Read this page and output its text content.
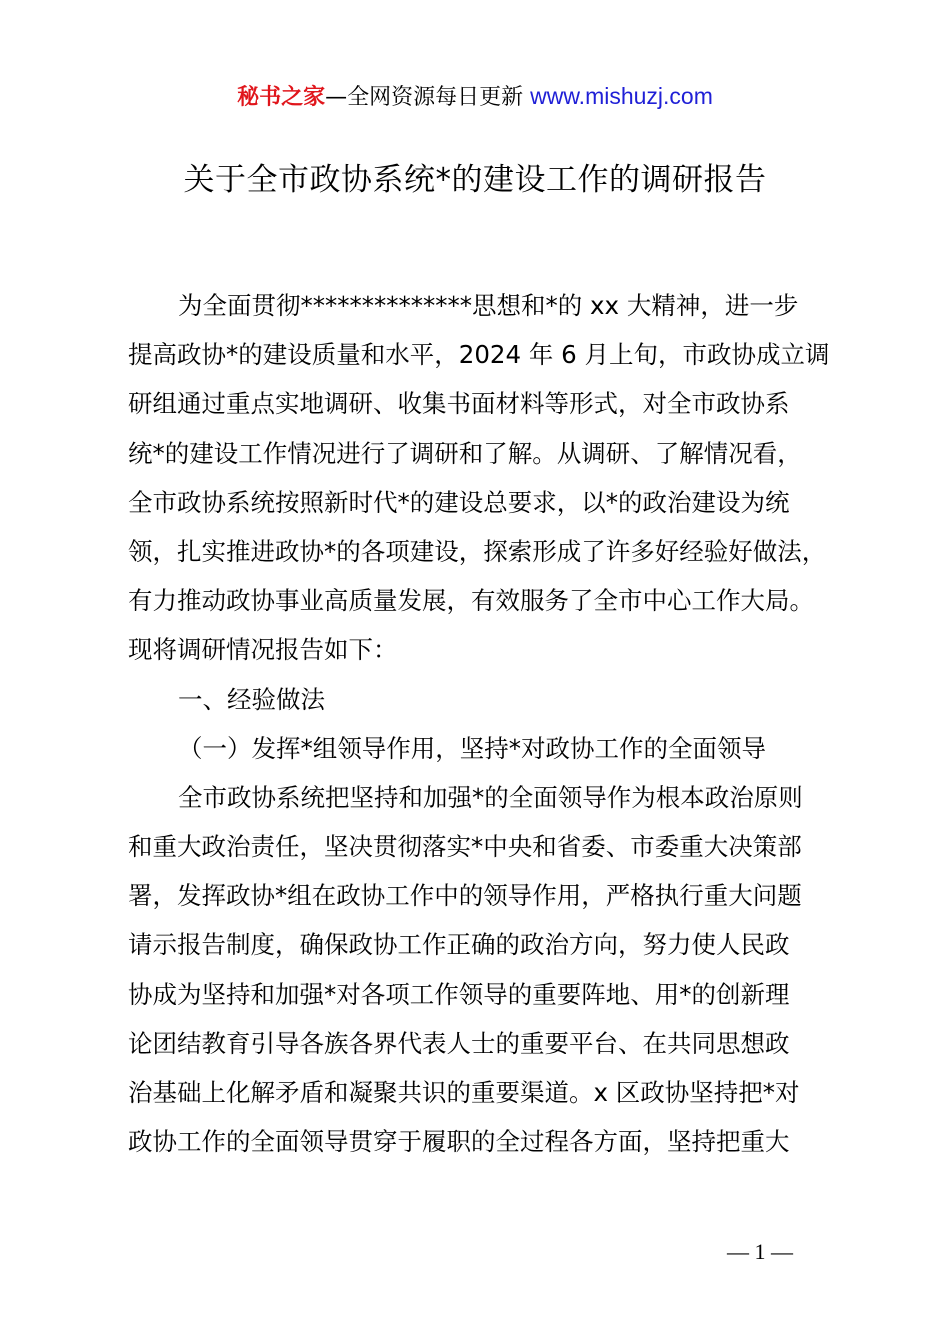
秘书之家—全网资源每日更新 www.mishuzj.com
关于全市政协系统*的建设工作的调研报告
为全面贯彻**************思想和*的 xx 大精神，进一步
提高政协*的建设质量和水平，2024 年 6 月上旬，市政协成立调
研组通过重点实地调研、收集书面材料等形式，对全市政协系
统*的建设工作情况进行了调研和了解。从调研、了解情况看，
全市政协系统按照新时代*的建设总要求，以*的政治建设为统
领，扎实推进政协*的各项建设，探索形成了许多好经验好做法，
有力推动政协事业高质量发展，有效服务了全市中心工作大局。
现将调研情况报告如下：
一、经验做法
（一）发挥*组领导作用，坚持*对政协工作的全面领导
全市政协系统把坚持和加强*的全面领导作为根本政治原则
和重大政治责任，坚决贯彻落实*中央和省委、市委重大决策部
署，发挥政协*组在政协工作中的领导作用，严格执行重大问题
请示报告制度，确保政协工作正确的政治方向，努力使人民政
协成为坚持和加强*对各项工作领导的重要阵地、用*的创新理
论团结教育引导各族各界代表人士的重要平台、在共同思想政
治基础上化解矛盾和凝聚共识的重要渠道。x 区政协坚持把*对
政协工作的全面领导贯穿于履职的全过程各方面，坚持把重大
— 1 —
